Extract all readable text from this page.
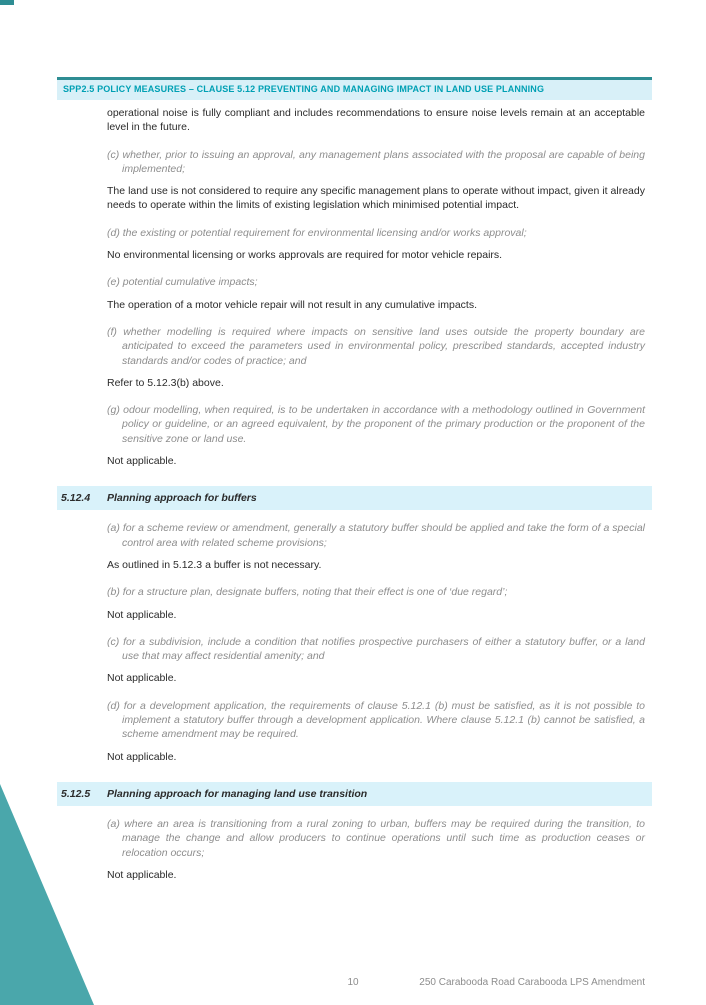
SPP2.5 POLICY MEASURES – CLAUSE 5.12 PREVENTING AND MANAGING IMPACT IN LAND USE PLANNING

operational noise is fully compliant and includes recommendations to ensure noise levels remain at an acceptable level in the future.

(c) whether, prior to issuing an approval, any management plans associated with the proposal are capable of being implemented;

The land use is not considered to require any specific management plans to operate without impact, given it already needs to operate within the limits of existing legislation which minimised potential impact.

(d) the existing or potential requirement for environmental licensing and/or works approval;

No environmental licensing or works approvals are required for motor vehicle repairs.

(e) potential cumulative impacts;

The operation of a motor vehicle repair will not result in any cumulative impacts.

(f) whether modelling is required where impacts on sensitive land uses outside the property boundary are anticipated to exceed the parameters used in environmental policy, prescribed standards, accepted industry standards and/or codes of practice; and

Refer to 5.12.3(b) above.

(g) odour modelling, when required, is to be undertaken in accordance with a methodology outlined in Government policy or guideline, or an agreed equivalent, by the proponent of the primary production or the proponent of the sensitive zone or land use.

Not applicable.

5.12.4	Planning approach for buffers

(a) for a scheme review or amendment, generally a statutory buffer should be applied and take the form of a special control area with related scheme provisions;

As outlined in 5.12.3 a buffer is not necessary.

(b) for a structure plan, designate buffers, noting that their effect is one of ‘due regard’;

Not applicable.

(c) for a subdivision, include a condition that notifies prospective purchasers of either a statutory buffer, or a land use that may affect residential amenity; and

Not applicable.

(d) for a development application, the requirements of clause 5.12.1 (b) must be satisfied, as it is not possible to implement a statutory buffer through a development application. Where clause 5.12.1 (b) cannot be satisfied, a scheme amendment may be required.

Not applicable.

5.12.5	Planning approach for managing land use transition

(a) where an area is transitioning from a rural zoning to urban, buffers may be required during the transition, to manage the change and allow producers to continue operations until such time as production ceases or relocation occurs;

Not applicable.

10	250 Carabooda Road Carabooda LPS Amendment
